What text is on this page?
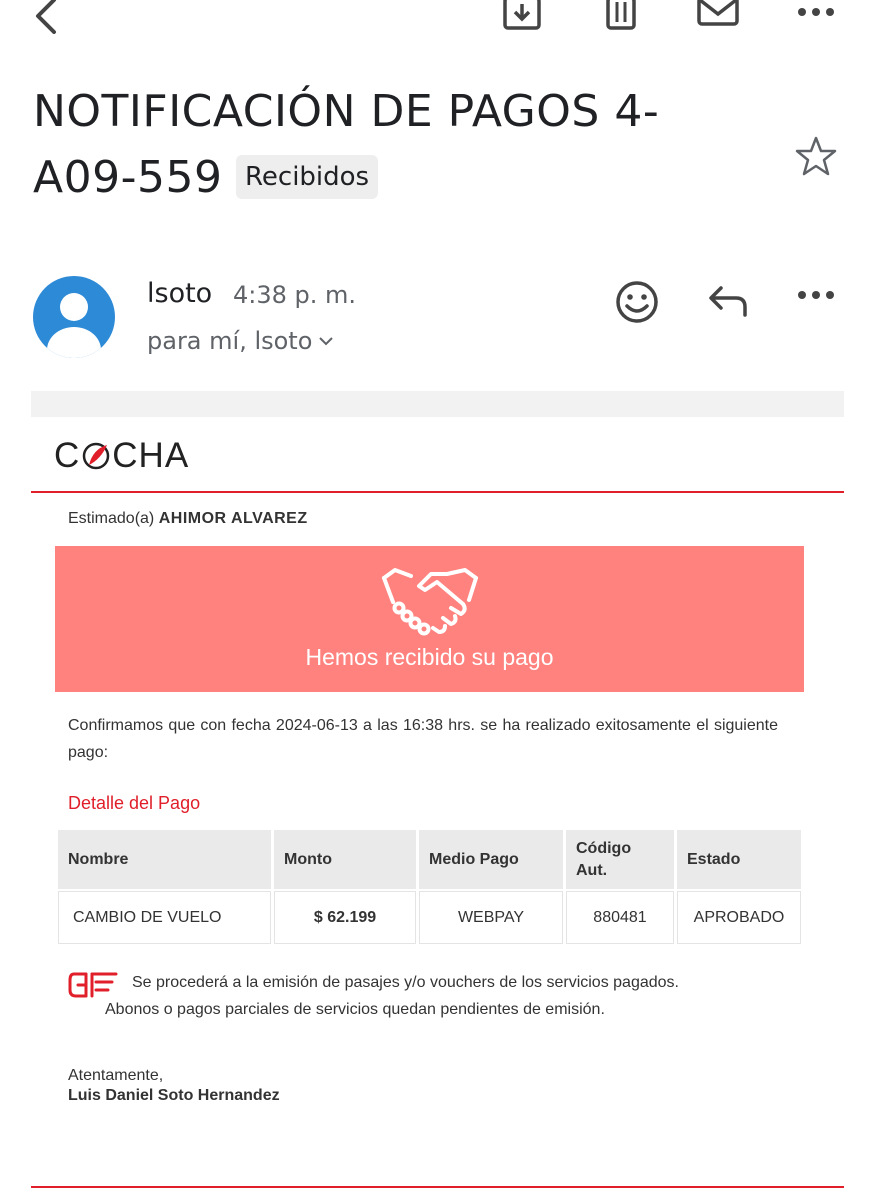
NOTIFICACIÓN DE PAGOS 4-
A09-559 Recibidos
lsoto 4:38 p. m.
para mí, lsoto
C CHA
Estimado(a) AHIMOR ALVAREZ
Hemos recibido su pago
Confirmamos que con fecha 2024-06-13 a las 16:38 hrs. se ha realizado exitosamente el siguiente pago:
Detalle del Pago
Nombre	Monto	Medio Pago	Código Aut.	Estado
CAMBIO DE VUELO	$ 62.199	WEBPAY	880481	APROBADO
Se procederá a la emisión de pasajes y/o vouchers de los servicios pagados.
Abonos o pagos parciales de servicios quedan pendientes de emisión.
Atentamente,
Luis Daniel Soto Hernandez
